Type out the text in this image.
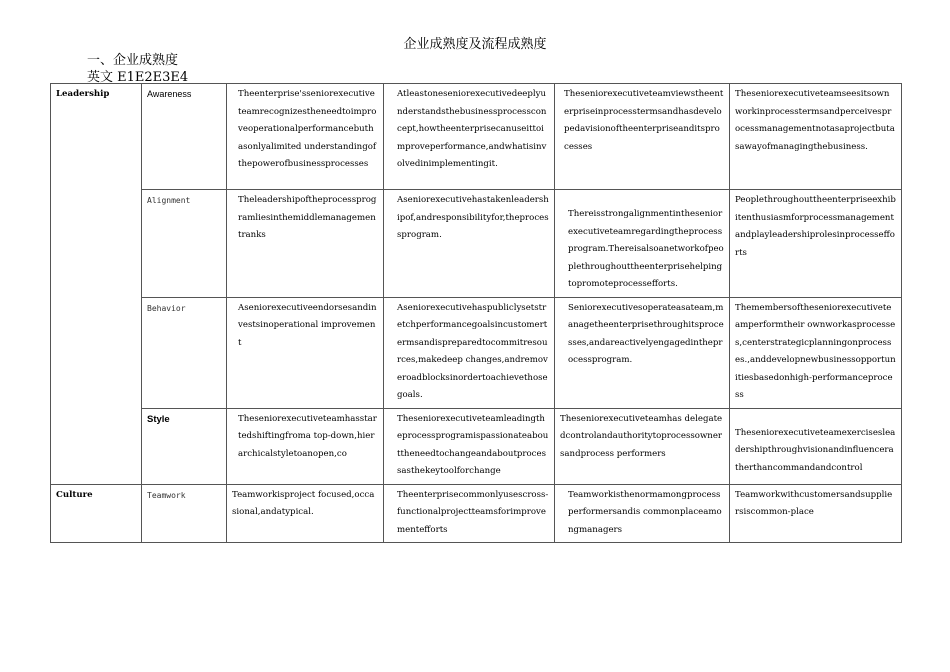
企业成熟度及流程成熟度
一、企业成熟度
英文 E1E2E3E4
Leadership	Awareness	Theenterprise'sseniorexecutiveteamrecognizestheneedtoimproveoperationalperformancebuthasonlyalimited understandingofthepowerofbusinessprocesses	Atleastoneseniorexecutivedeeplyunderstandsthebusinessprocessconcept,howtheenterprisecanuseittoimproveperformance,andwhatisinvolvedinimplementingit.	Theseniorexecutiveteamviewstheenterpriseinprocesstermsandhasdevelopedavisionoftheenterpriseanditsprocesses	Theseniorexecutiveteamseesitsownworkinprocesstermsandperceivesprocessmanagementnotasaprojectbutasawayofmanagingthebusiness.

	Alignment	Theleadershipoftheprocessprogramliesinthemiddlemanagementranks	Aseniorexecutivehastakenleadershipof,andresponsibilityfor,theprocessprogram.	Thereisstrongalignmentintheseniorexecutiveteamregardingtheprocessprogram.Thereisalsoanetworkofpeoplethroughouttheenterprisehelpingtopromoteprocessefforts.	Peoplethroughouttheenterpriseexhibitenthusiasmforprocessmanagementandplayleadershiprolesinprocessefforts

	Behavior	Aseniorexecutiveendorsesandinvestsinoperational improvement	Aseniorexecutivehaspubliclysetstretchperformancegoalsincustomertermsandispreparedtocommitresources,makedeep changes,andremoveroadblocksinordertoachievethosegoals.	Seniorexecutivesoperateasateam,managetheenterprisethroughitsprocesses,andareactivelyengagedintheprocessprogram.	Themembersoftheseniorexecutiveteamperformtheir ownworkasprocesses,centerstrategicplanningonprocesses.,anddevelopnewbusinessopportunitiesbasedonhigh-performanceprocess

	Style	Theseniorexecutiveteamhasstartedshiftingfroma top-down,hierarchicalstyletoanopen,co	Theseniorexecutiveteamleadingtheprocessprogramispassionateabouttheneedtochangeandaboutprocessasthekeytoolforchange	Theseniorexecutiveteamhas delegatedcontrolandauthoritytoprocessownersandprocess performers	Theseniorexecutiveteamexercisesleadershipthroughvisionandinfluenceratherthancommandandcontrol

Culture	Teamwork	Teamworkisproject focused,occasional,andatypical.	Theenterprisecommonlyusescross-functionalprojectteamsforimprovementefforts	Teamworkisthenormamongprocessperformersandis commonplaceamongmanagers	Teamworkwithcustomersandsuppliersiscommon-place
